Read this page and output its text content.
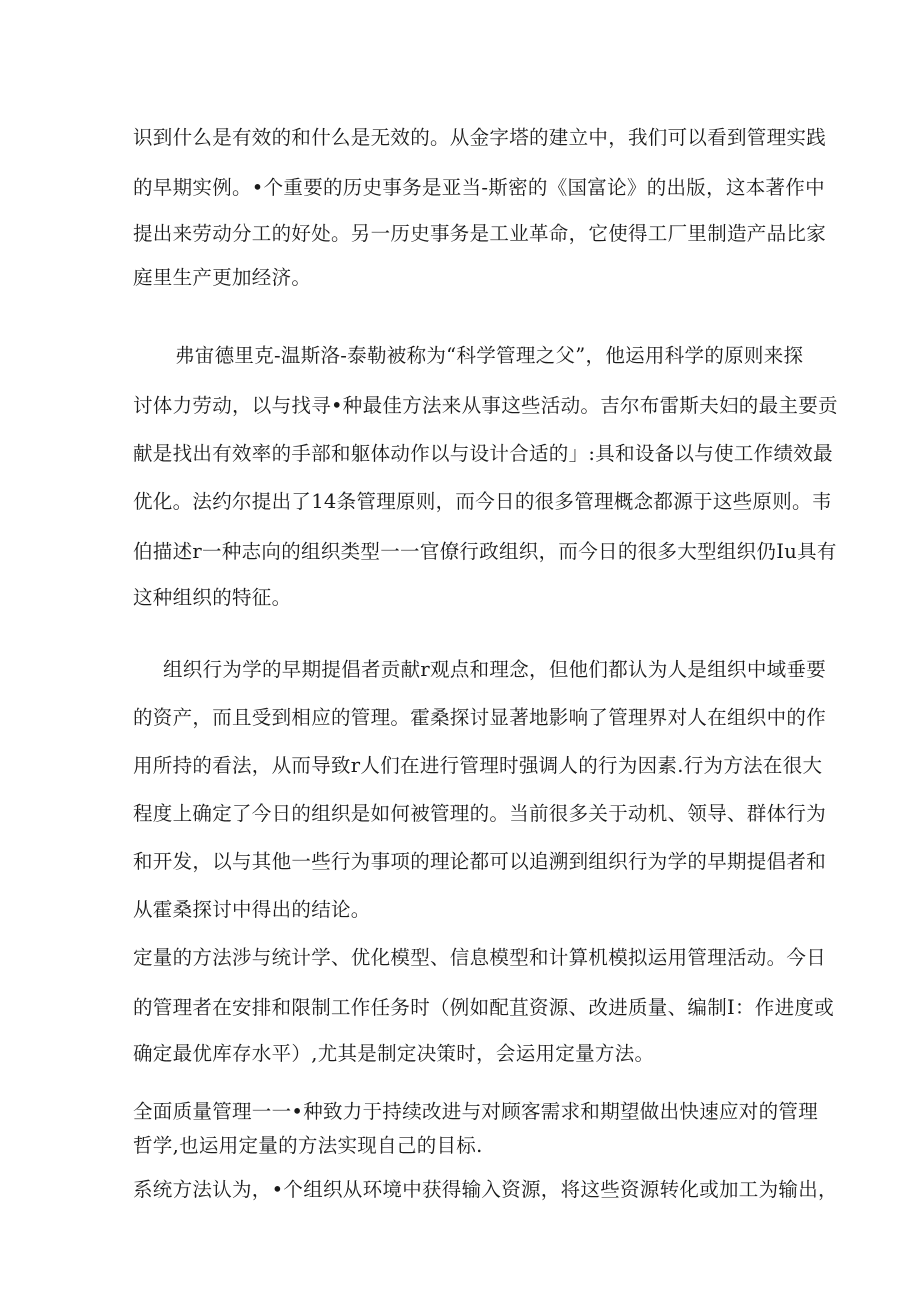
识到什么是有效的和什么是无效的。从金字塔的建立中，我们可以看到管理实践
的早期实例。•个重要的历史事务是亚当-斯密的《国富论》的出版，这本著作中
提出来劳动分工的好处。另一历史事务是工业革命，它使得工厂里制造产品比家
庭里生产更加经济。
弗宙德里克-温斯洛-泰勒被称为“科学管理之父”，他运用科学的原则来探
讨体力劳动，以与找寻•种最佳方法来从事这些活动。吉尔布雷斯夫妇的最主要贡
献是找出有效率的手部和躯体动作以与设计合适的」:具和设备以与使工作绩效最
优化。法约尔提出了14条管理原则，而今日的很多管理概念都源于这些原则。韦
伯描述r一种志向的组织类型一一官僚行政组织，而今日的很多大型组织仍Iu具有
这种组织的特征。
组织行为学的早期提倡者贡献r观点和理念，但他们都认为人是组织中域垂要
的资产，而且受到相应的管理。霍桑探讨显著地影响了管理界对人在组织中的作
用所持的看法，从而导致r人们在进行管理时强调人的行为因素.行为方法在很大
程度上确定了今日的组织是如何被管理的。当前很多关于动机、领导、群体行为
和开发，以与其他一些行为事项的理论都可以追溯到组织行为学的早期提倡者和
从霍桑探讨中得出的结论。
定量的方法涉与统计学、优化模型、信息模型和计算机模拟运用管理活动。今日
的管理者在安排和限制工作任务时（例如配苴资源、改进质量、编制I：作进度或
确定最优库存水平）,尤其是制定决策时，会运用定量方法。
全面质量管理一一•种致力于持续改进与对顾客需求和期望做出快速应对的管理
哲学,也运用定量的方法实现自己的目标.
系统方法认为，•个组织从环境中获得输入资源，将这些资源转化或加工为输出，
